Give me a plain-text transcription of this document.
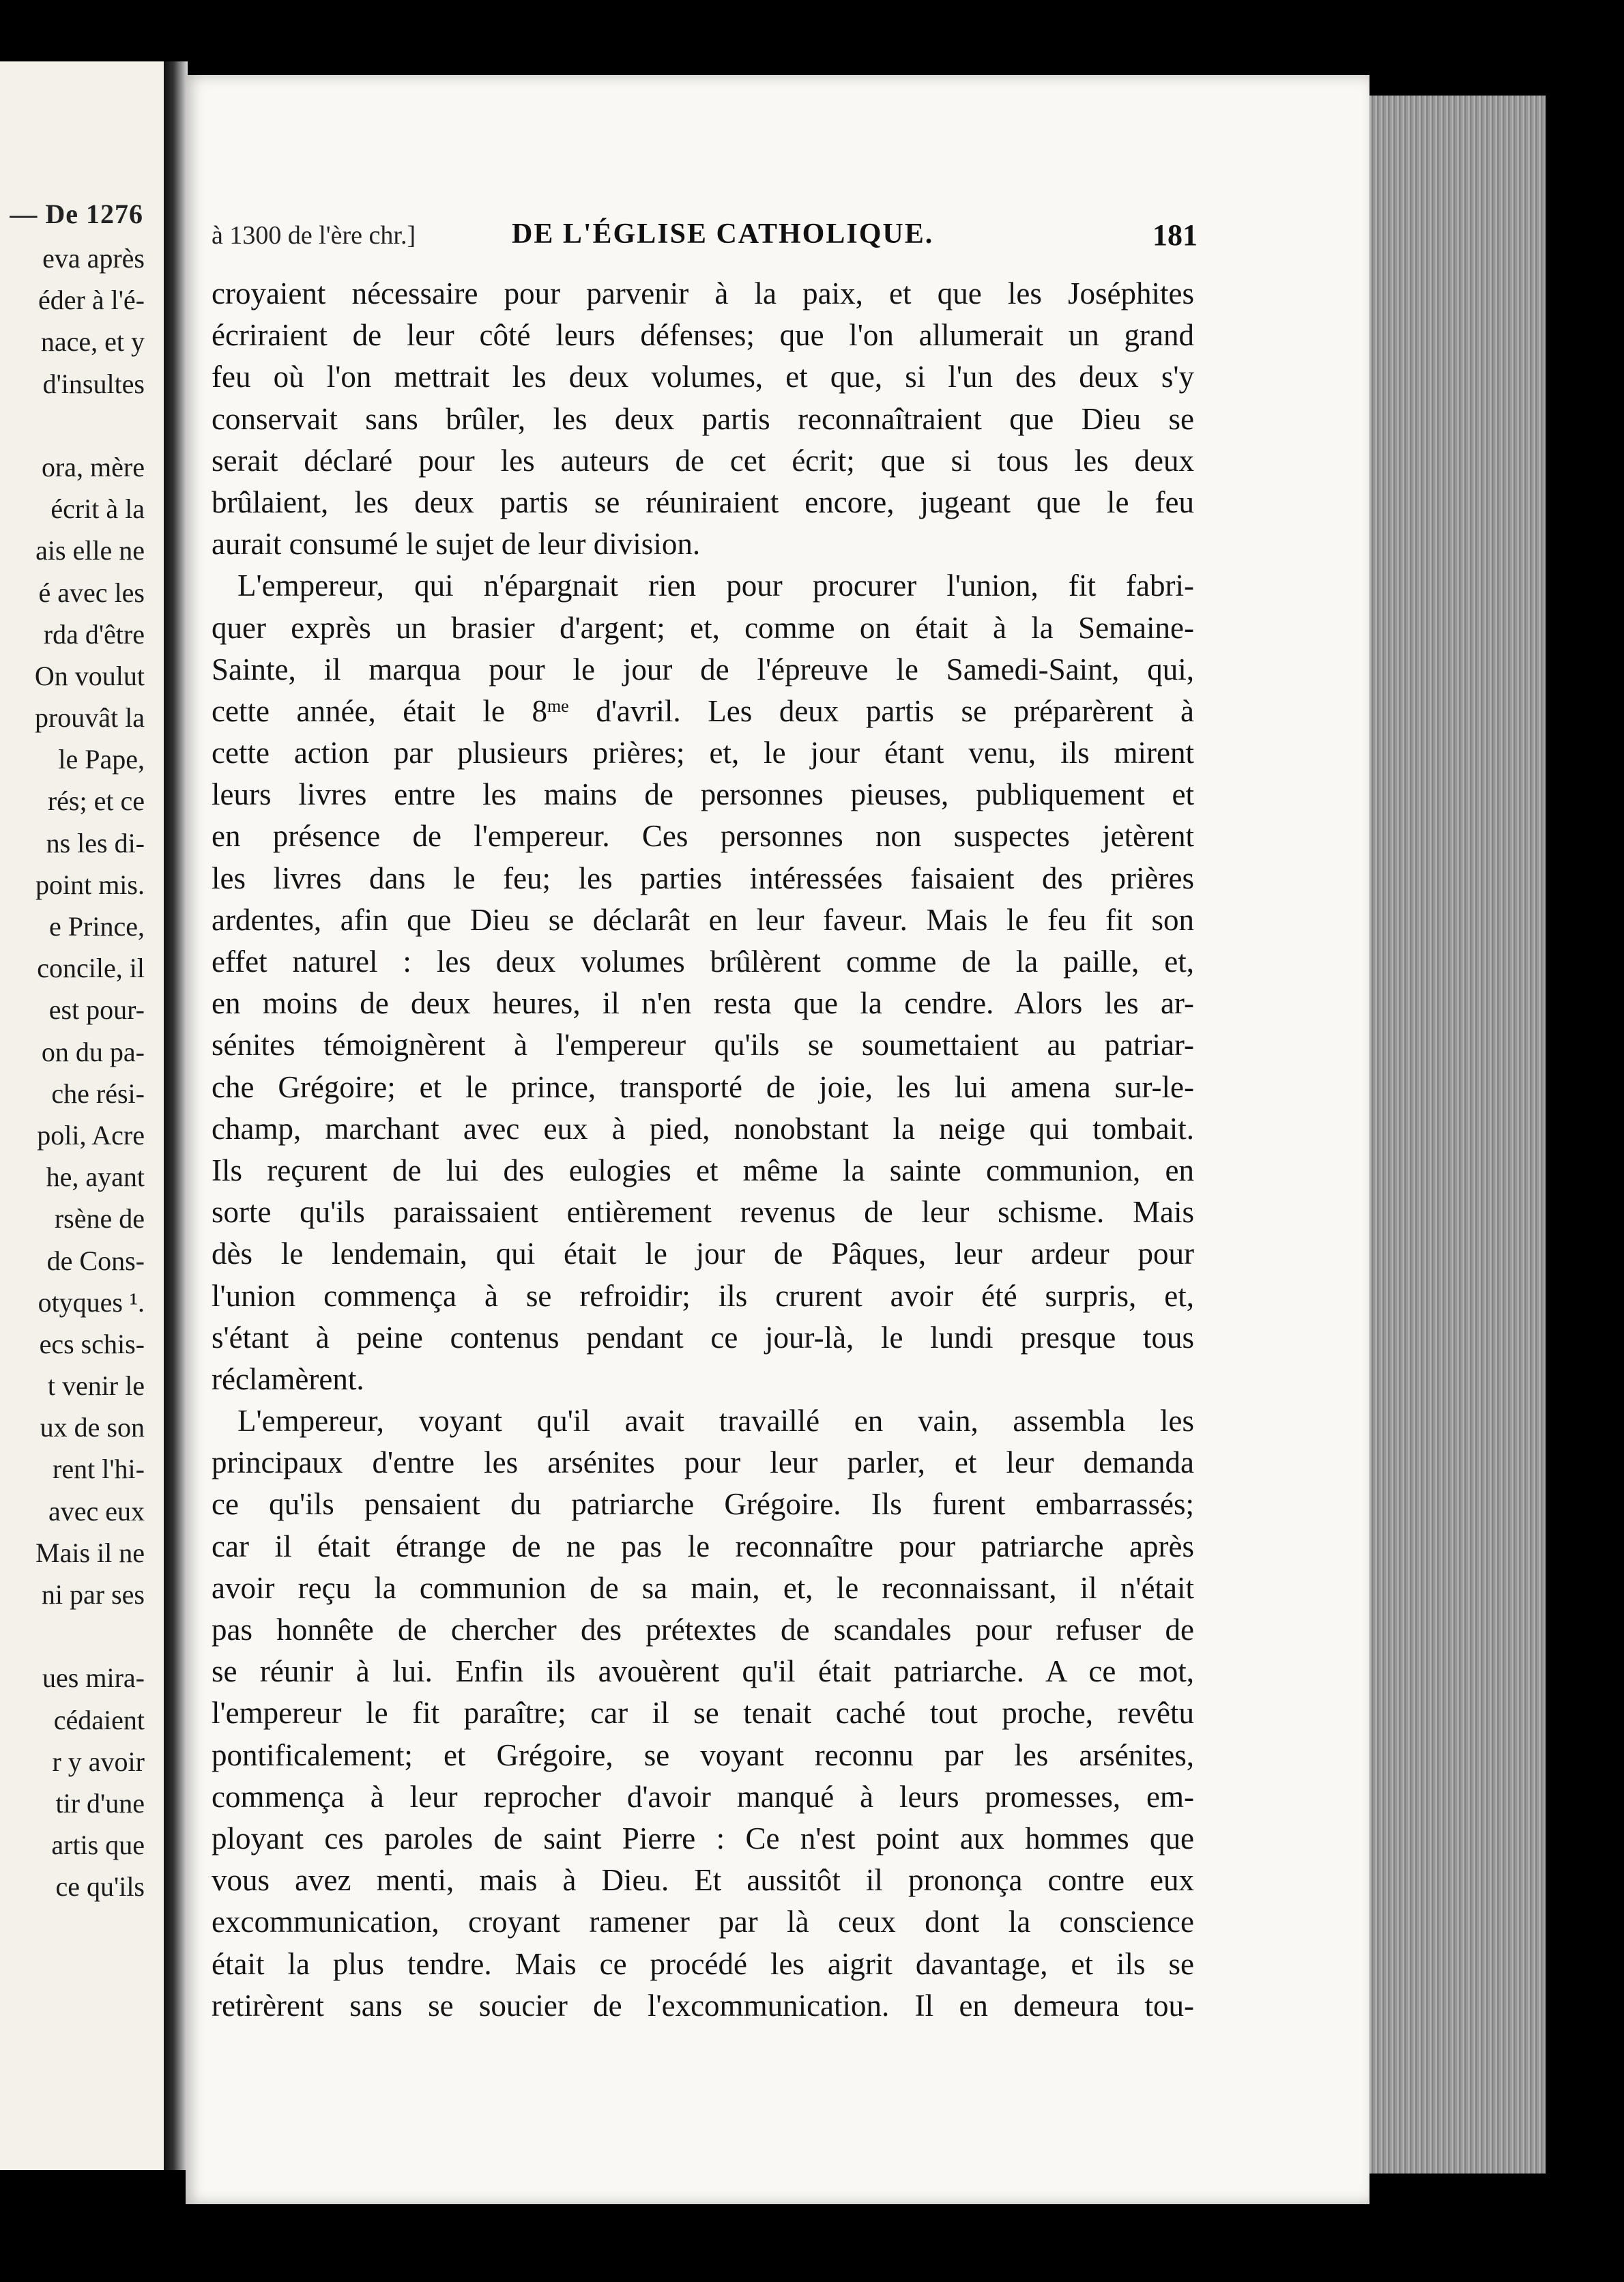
— De 1276
eva après
éder à l'é-
nace, et y
d'insultes
ora, mère
écrit à la
ais elle ne
é avec les
rda d'être
On voulut
prouvât la
le Pape,
rés; et ce
ns les di-
point mis.
e Prince,
concile, il
est pour-
on du pa-
che rési-
poli, Acre
he, ayant
rsène de
de Cons-
otyques ¹.
ecs schis-
t venir le
ux de son
rent l'hi-
avec eux
Mais il ne
ni par ses
ues mira-
cédaient
r y avoir
tir d'une
artis que
ce qu'ils
à 1300 de l'ère chr.]	DE L'ÉGLISE CATHOLIQUE.	181
croyaient nécessaire pour parvenir à la paix, et que les Joséphites
écriraient de leur côté leurs défenses; que l'on allumerait un grand
feu où l'on mettrait les deux volumes, et que, si l'un des deux s'y
conservait sans brûler, les deux partis reconnaîtraient que Dieu se
serait déclaré pour les auteurs de cet écrit; que si tous les deux
brûlaient, les deux partis se réuniraient encore, jugeant que le feu
aurait consumé le sujet de leur division.
L'empereur, qui n'épargnait rien pour procurer l'union, fit fabri-
quer exprès un brasier d'argent; et, comme on était à la Semaine-
Sainte, il marqua pour le jour de l'épreuve le Samedi-Saint, qui,
cette année, était le $8^{me}$ d'avril. Les deux partis se préparèrent à
cette action par plusieurs prières; et, le jour étant venu, ils mirent
leurs livres entre les mains de personnes pieuses, publiquement et
en présence de l'empereur. Ces personnes non suspectes jetèrent
les livres dans le feu; les parties intéressées faisaient des prières
ardentes, afin que Dieu se déclarât en leur faveur. Mais le feu fit son
effet naturel : les deux volumes brûlèrent comme de la paille, et,
en moins de deux heures, il n'en resta que la cendre. Alors les ar-
sénites témoignèrent à l'empereur qu'ils se soumettaient au patriar-
che Grégoire; et le prince, transporté de joie, les lui amena sur-le-
champ, marchant avec eux à pied, nonobstant la neige qui tombait.
Ils reçurent de lui des eulogies et même la sainte communion, en
sorte qu'ils paraissaient entièrement revenus de leur schisme. Mais
dès le lendemain, qui était le jour de Pâques, leur ardeur pour
l'union commença à se refroidir; ils crurent avoir été surpris, et,
s'étant à peine contenus pendant ce jour-là, le lundi presque tous
réclamèrent.
L'empereur, voyant qu'il avait travaillé en vain, assembla les
principaux d'entre les arsénites pour leur parler, et leur demanda
ce qu'ils pensaient du patriarche Grégoire. Ils furent embarrassés;
car il était étrange de ne pas le reconnaître pour patriarche après
avoir reçu la communion de sa main, et, le reconnaissant, il n'était
pas honnête de chercher des prétextes de scandales pour refuser de
se réunir à lui. Enfin ils avouèrent qu'il était patriarche. A ce mot,
l'empereur le fit paraître; car il se tenait caché tout proche, revêtu
pontificalement; et Grégoire, se voyant reconnu par les arsénites,
commença à leur reprocher d'avoir manqué à leurs promesses, em-
ployant ces paroles de saint Pierre : Ce n'est point aux hommes que
vous avez menti, mais à Dieu. Et aussitôt il prononça contre eux
excommunication, croyant ramener par là ceux dont la conscience
était la plus tendre. Mais ce procédé les aigrit davantage, et ils se
retirèrent sans se soucier de l'excommunication. Il en demeura tou-
